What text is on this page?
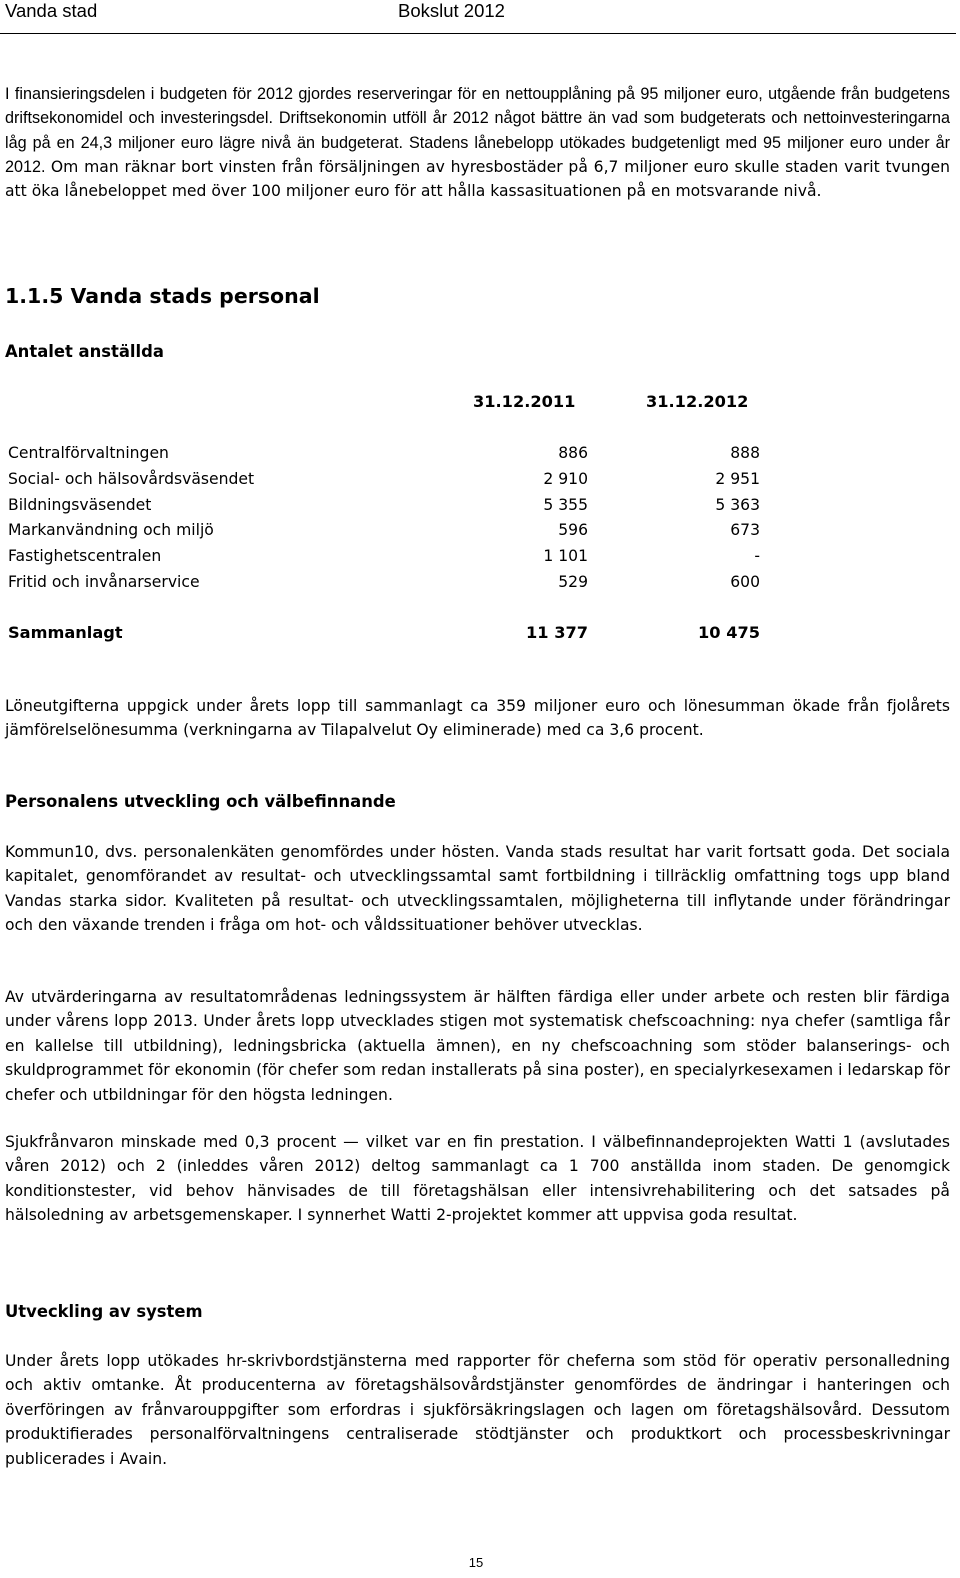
Vanda stad	Bokslut 2012
I finansieringsdelen i budgeten för 2012 gjordes reserveringar för en nettoupplåning på 95 miljoner euro, utgående från budgetens driftsekonomidel och investeringsdel. Driftsekonomin utföll år 2012 något bättre än vad som budgeterats och nettoinvesteringarna låg på en 24,3 miljoner euro lägre nivå än budgeterat. Stadens lånebelopp utökades budgetenligt med 95 miljoner euro under år 2012. Om man räknar bort vinsten från försäljningen av hyresbostäder på 6,7 miljoner euro skulle staden varit tvungen att öka lånebeloppet med över 100 miljoner euro för att hålla kassasituationen på en motsvarande nivå.
1.1.5 Vanda stads personal
Antalet anställda
31.12.2011	31.12.2012
Centralförvaltningen	886	888
Social- och hälsovårdsväsendet	2 910	2 951
Bildningsväsendet	5 355	5 363
Markanvändning och miljö	596	673
Fastighetscentralen	1 101	-
Fritid och invånarservice	529	600
Sammanlagt	11 377	10 475
Löneutgifterna uppgick under årets lopp till sammanlagt ca 359 miljoner euro och lönesumman ökade från fjolårets jämförelselönesumma (verkningarna av Tilapalvelut Oy eliminerade) med ca 3,6 procent.
Personalens utveckling och välbefinnande
Kommun10, dvs. personalenkäten genomfördes under hösten. Vanda stads resultat har varit fortsatt goda. Det sociala kapitalet, genomförandet av resultat- och utvecklingssamtal samt fortbildning i tillräcklig omfattning togs upp bland Vandas starka sidor. Kvaliteten på resultat- och utvecklingssamtalen, möjligheterna till inflytande under förändringar och den växande trenden i fråga om hot- och våldssituationer behöver utvecklas.
Av utvärderingarna av resultatområdenas ledningssystem är hälften färdiga eller under arbete och resten blir färdiga under vårens lopp 2013. Under årets lopp utvecklades stigen mot systematisk chefscoachning: nya chefer (samtliga får en kallelse till utbildning), ledningsbricka (aktuella ämnen), en ny chefscoachning som stöder balanserings- och skuldprogrammet för ekonomin (för chefer som redan installerats på sina poster), en specialyrkesexamen i ledarskap för chefer och utbildningar för den högsta ledningen.
Sjukfrånvaron minskade med 0,3 procent — vilket var en fin prestation. I välbefinnandeprojekten Watti 1 (avslutades våren 2012) och 2 (inleddes våren 2012) deltog sammanlagt ca 1 700 anställda inom staden. De genomgick konditionstester, vid behov hänvisades de till företagshälsan eller intensivrehabilitering och det satsades på hälsoledning av arbetsgemenskaper. I synnerhet Watti 2-projektet kommer att uppvisa goda resultat.
Utveckling av system
Under årets lopp utökades hr-skrivbordstjänsterna med rapporter för cheferna som stöd för operativ personalledning och aktiv omtanke. Åt producenterna av företagshälsovårdstjänster genomfördes de ändringar i hanteringen och överföringen av frånvarouppgifter som erfordras i sjukförsäkringslagen och lagen om företagshälsovård. Dessutom produktifierades personalförvaltningens centraliserade stödtjänster och produktkort och processbeskrivningar publicerades i Avain.
15
